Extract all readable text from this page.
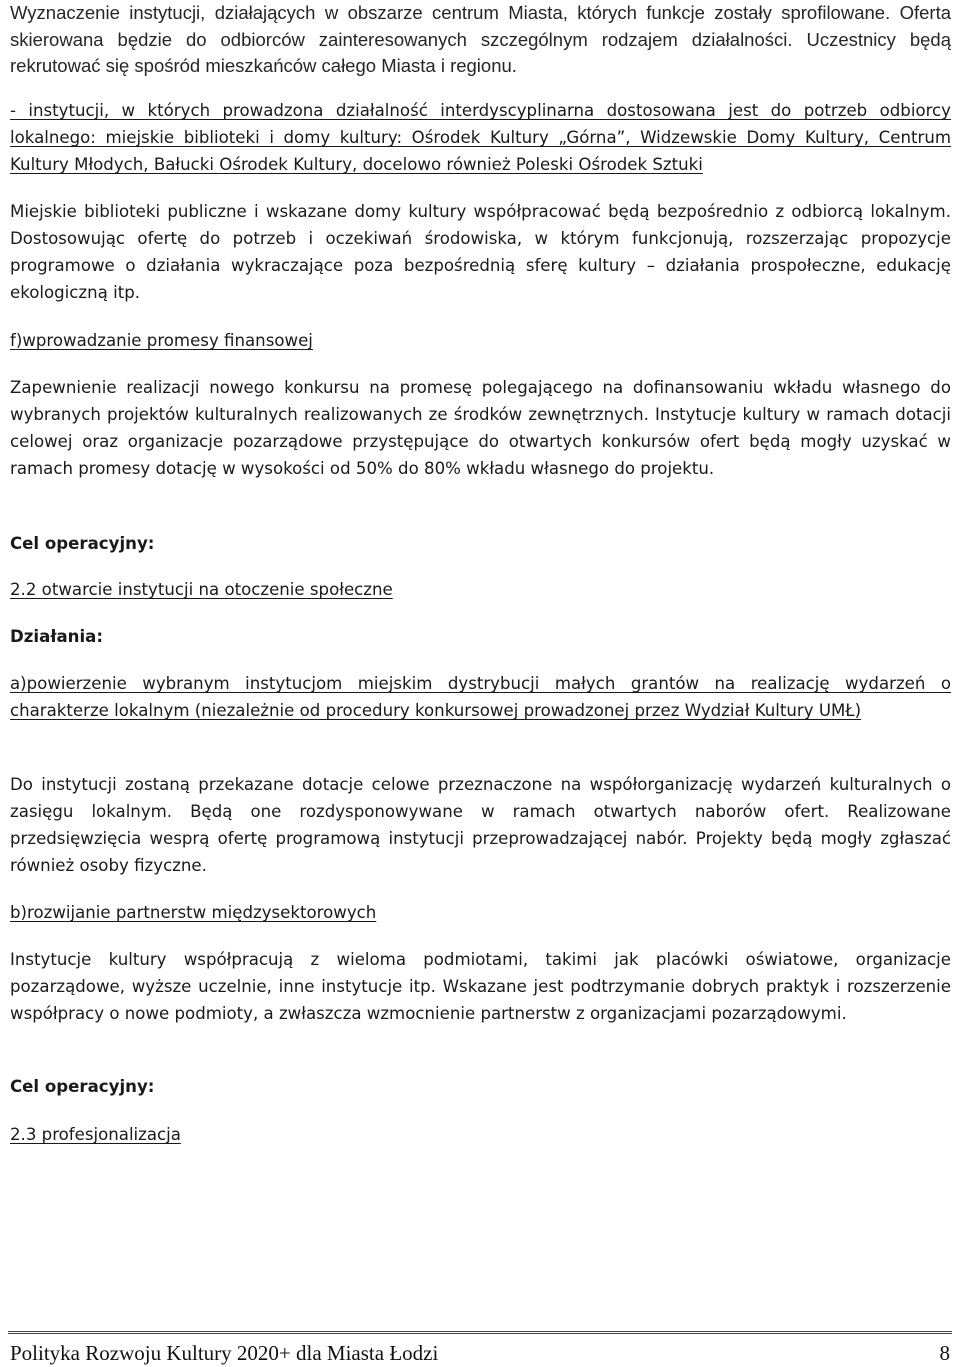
Wyznaczenie instytucji, działających w obszarze centrum Miasta, których funkcje zostały sprofilowane. Oferta skierowana będzie do odbiorców zainteresowanych szczególnym rodzajem działalności. Uczestnicy będą rekrutować się spośród mieszkańców całego Miasta i regionu.

- instytucji, w których prowadzona działalność interdyscyplinarna dostosowana jest do potrzeb odbiorcy lokalnego: miejskie biblioteki i domy kultury: Ośrodek Kultury „Górna”, Widzewskie Domy Kultury, Centrum Kultury Młodych, Bałucki Ośrodek Kultury, docelowo również Poleski Ośrodek Sztuki

Miejskie biblioteki publiczne i wskazane domy kultury współpracować będą bezpośrednio z odbiorcą lokalnym. Dostosowując ofertę do potrzeb i oczekiwań środowiska, w którym funkcjonują, rozszerzając propozycje programowe o działania wykraczające poza bezpośrednią sferę kultury – działania prospołeczne, edukację ekologiczną itp.

f)wprowadzanie promesy finansowej

Zapewnienie realizacji nowego konkursu na promesę polegającego na dofinansowaniu wkładu własnego do wybranych projektów kulturalnych realizowanych ze środków zewnętrznych. Instytucje kultury w ramach dotacji celowej oraz organizacje pozarządowe przystępujące do otwartych konkursów ofert będą mogły uzyskać w ramach promesy dotację w wysokości od 50% do 80% wkładu własnego do projektu.

Cel operacyjny:

2.2 otwarcie instytucji na otoczenie społeczne

Działania:

a)powierzenie wybranym instytucjom miejskim dystrybucji małych grantów na realizację wydarzeń o charakterze lokalnym (niezależnie od procedury konkursowej prowadzonej przez Wydział Kultury UMŁ)

Do instytucji zostaną przekazane dotacje celowe przeznaczone na współorganizację wydarzeń kulturalnych o zasięgu lokalnym. Będą one rozdysponowywane w ramach otwartych naborów ofert. Realizowane przedsięwzięcia wesprą ofertę programową instytucji przeprowadzającej nabór. Projekty będą mogły zgłaszać również osoby fizyczne.

b)rozwijanie partnerstw międzysektorowych

Instytucje kultury współpracują z wieloma podmiotami, takimi jak placówki oświatowe, organizacje pozarządowe, wyższe uczelnie, inne instytucje itp. Wskazane jest podtrzymanie dobrych praktyk i rozszerzenie współpracy o nowe podmioty, a zwłaszcza wzmocnienie partnerstw z organizacjami pozarządowymi.

Cel operacyjny:

2.3 profesjonalizacja

Polityka Rozwoju Kultury 2020+ dla Miasta Łodzi	8
